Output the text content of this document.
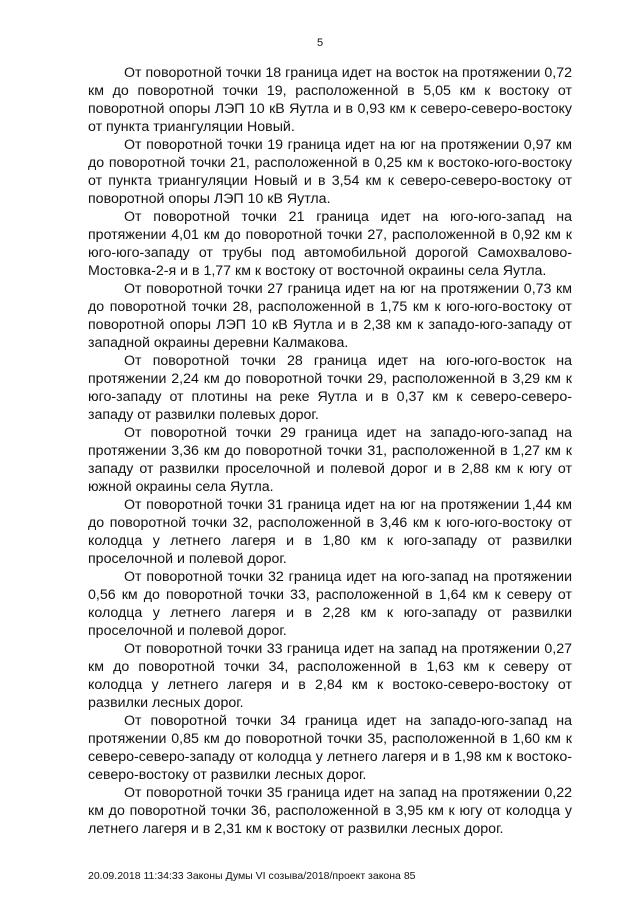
5

От поворотной точки 18 граница идет на восток на протяжении 0,72 км до поворотной точки 19, расположенной в 5,05 км к востоку от поворотной опоры ЛЭП 10 кВ Яутла и в 0,93 км к северо-северо-востоку от пункта триангуляции Новый.

От поворотной точки 19 граница идет на юг на протяжении 0,97 км до поворотной точки 21, расположенной в 0,25 км к востоко-юго-востоку от пункта триангуляции Новый и в 3,54 км к северо-северо-востоку от поворотной опоры ЛЭП 10 кВ Яутла.

От поворотной точки 21 граница идет на юго-юго-запад на протяжении 4,01 км до поворотной точки 27, расположенной в 0,92 км к юго-юго-западу от трубы под автомобильной дорогой Самохвалово-Мостовка-2-я и в 1,77 км к востоку от восточной окраины села Яутла.

От поворотной точки 27 граница идет на юг на протяжении 0,73 км до поворотной точки 28, расположенной в 1,75 км к юго-юго-востоку от поворотной опоры ЛЭП 10 кВ Яутла и в 2,38 км к западо-юго-западу от западной окраины деревни Калмакова.

От поворотной точки 28 граница идет на юго-юго-восток на протяжении 2,24 км до поворотной точки 29, расположенной в 3,29 км к юго-западу от плотины на реке Яутла и в 0,37 км к северо-северо-западу от развилки полевых дорог.

От поворотной точки 29 граница идет на западо-юго-запад на протяжении 3,36 км до поворотной точки 31, расположенной в 1,27 км к западу от развилки проселочной и полевой дорог и в 2,88 км к югу от южной окраины села Яутла.

От поворотной точки 31 граница идет на юг на протяжении 1,44 км до поворотной точки 32, расположенной в 3,46 км к юго-юго-востоку от колодца у летнего лагеря и в 1,80 км к юго-западу от развилки проселочной и полевой дорог.

От поворотной точки 32 граница идет на юго-запад на протяжении 0,56 км до поворотной точки 33, расположенной в 1,64 км к северу от колодца у летнего лагеря и в 2,28 км к юго-западу от развилки проселочной и полевой дорог.

От поворотной точки 33 граница идет на запад на протяжении 0,27 км до поворотной точки 34, расположенной в 1,63 км к северу от колодца у летнего лагеря и в 2,84 км к востоко-северо-востоку от развилки лесных дорог.

От поворотной точки 34 граница идет на западо-юго-запад на протяжении 0,85 км до поворотной точки 35, расположенной в 1,60 км к северо-северо-западу от колодца у летнего лагеря и в 1,98 км к востоко-северо-востоку от развилки лесных дорог.

От поворотной точки 35 граница идет на запад на протяжении 0,22 км до поворотной точки 36, расположенной в 3,95 км к югу от колодца у летнего лагеря и в 2,31 км к востоку от развилки лесных дорог.

20.09.2018 11:34:33 Законы Думы VI созыва/2018/проект закона 85
